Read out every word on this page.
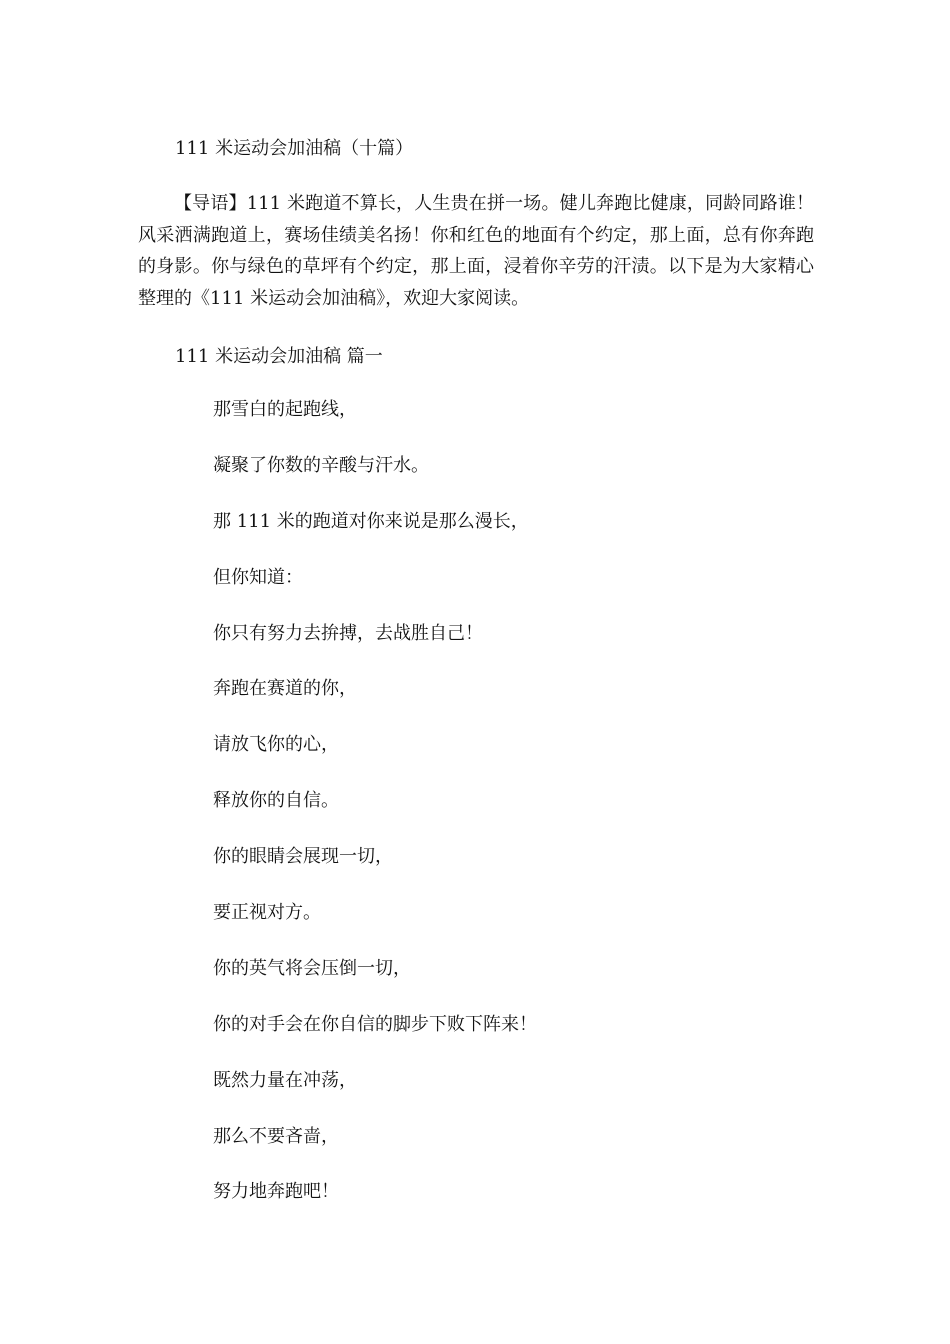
111 米运动会加油稿（十篇）

【导语】111 米跑道不算长，人生贵在拼一场。健儿奔跑比健康，同龄同路谁！风采洒满跑道上，赛场佳绩美名扬！你和红色的地面有个约定，那上面，总有你奔跑的身影。你与绿色的草坪有个约定，那上面，浸着你辛劳的汗渍。以下是为大家精心整理的《111 米运动会加油稿》，欢迎大家阅读。

111 米运动会加油稿 篇一
那雪白的起跑线，
凝聚了你数的辛酸与汗水。
那 111 米的跑道对你来说是那么漫长，
但你知道：
你只有努力去拚搏，去战胜自己！
奔跑在赛道的你，
请放飞你的心，
释放你的自信。
你的眼睛会展现一切，
要正视对方。
你的英气将会压倒一切，
你的对手会在你自信的脚步下败下阵来！
既然力量在冲荡，
那么不要吝啬，
努力地奔跑吧！
